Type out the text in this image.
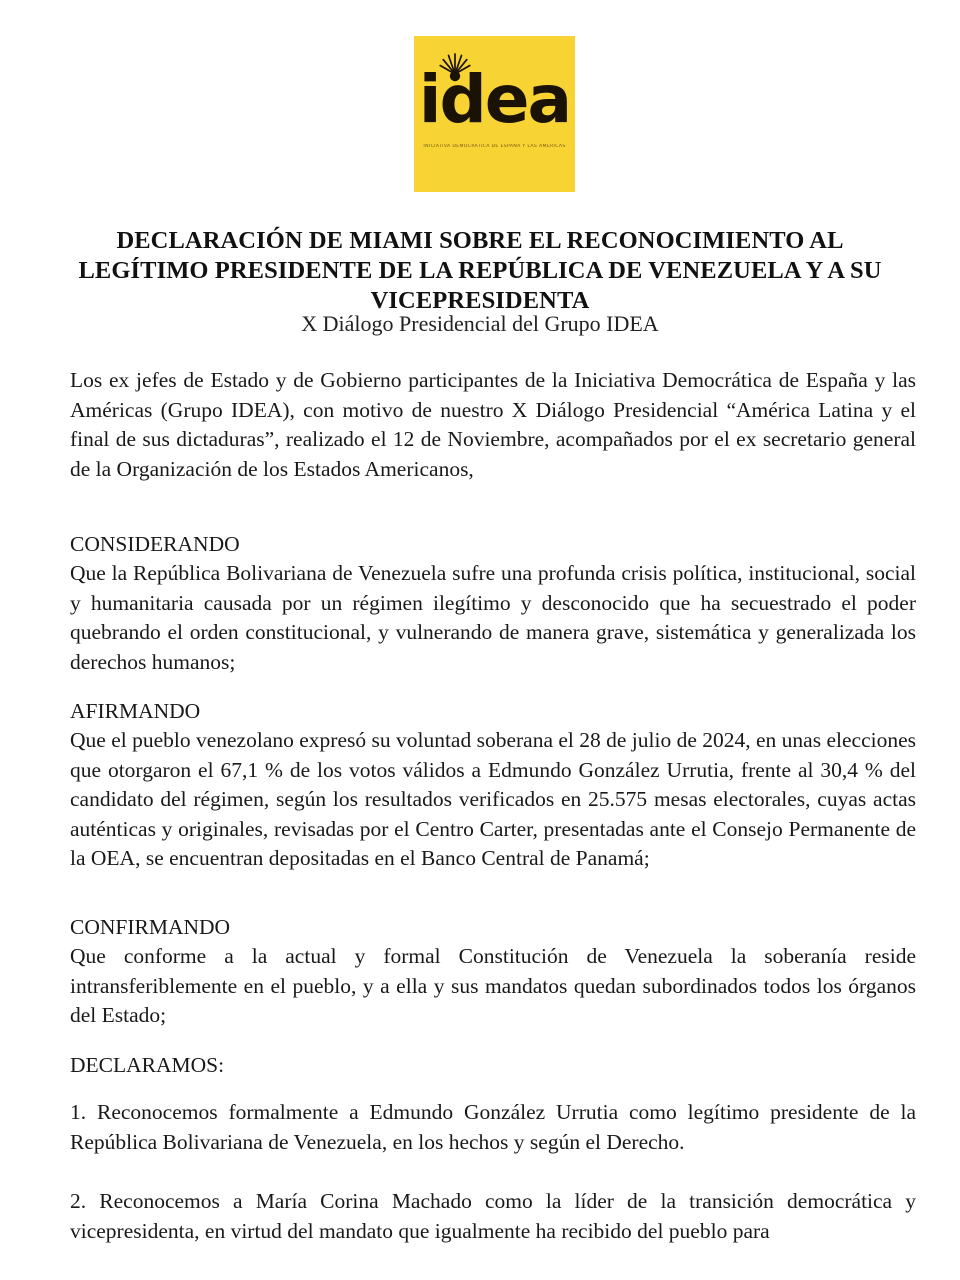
idea
INICIATIVA DEMOCRATICA DE ESPAÑA Y LAS AMERICAS
DECLARACIÓN DE MIAMI SOBRE EL RECONOCIMIENTO AL LEGÍTIMO PRESIDENTE DE LA REPÚBLICA DE VENEZUELA Y A SU VICEPRESIDENTA
X Diálogo Presidencial del Grupo IDEA
Los ex jefes de Estado y de Gobierno participantes de la Iniciativa Democrática de España y las Américas (Grupo IDEA), con motivo de nuestro X Diálogo Presidencial “América Latina y el final de sus dictaduras”, realizado el 12 de Noviembre, acompañados por el ex secretario general de la Organización de los Estados Americanos,
CONSIDERANDO
Que la República Bolivariana de Venezuela sufre una profunda crisis política, institucional, social y humanitaria causada por un régimen ilegítimo y desconocido que ha secuestrado el poder quebrando el orden constitucional, y vulnerando de manera grave, sistemática y generalizada los derechos humanos;
AFIRMANDO
Que el pueblo venezolano expresó su voluntad soberana el 28 de julio de 2024, en unas elecciones que otorgaron el 67,1 % de los votos válidos a Edmundo González Urrutia, frente al 30,4 % del candidato del régimen, según los resultados verificados en 25.575 mesas electorales, cuyas actas auténticas y originales, revisadas por el Centro Carter, presentadas ante el Consejo Permanente de la OEA, se encuentran depositadas en el Banco Central de Panamá;
CONFIRMANDO
Que conforme a la actual y formal Constitución de Venezuela la soberanía reside intransferiblemente en el pueblo, y a ella y sus mandatos quedan subordinados todos los órganos del Estado;
DECLARAMOS:
1. Reconocemos formalmente a Edmundo González Urrutia como legítimo presidente de la República Bolivariana de Venezuela, en los hechos y según el Derecho.
2. Reconocemos a María Corina Machado como la líder de la transición democrática y vicepresidenta, en virtud del mandato que igualmente ha recibido del pueblo para
